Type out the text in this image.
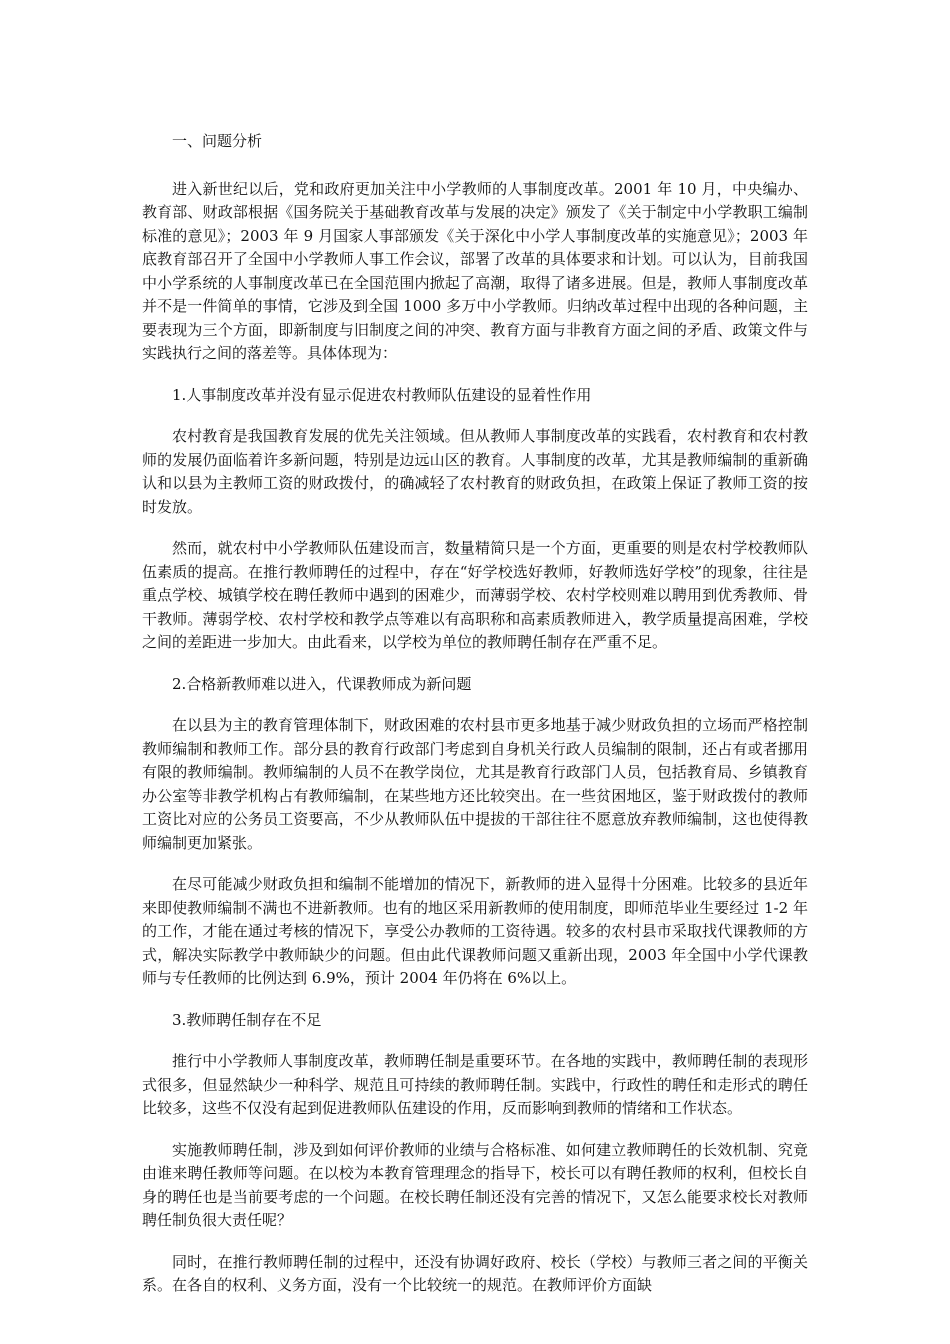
一、问题分析

进入新世纪以后，党和政府更加关注中小学教师的人事制度改革。2001 年 10 月，中央编办、教育部、财政部根据《国务院关于基础教育改革与发展的决定》颁发了《关于制定中小学教职工编制标准的意见》；2003 年 9 月国家人事部颁发《关于深化中小学人事制度改革的实施意见》；2003 年底教育部召开了全国中小学教师人事工作会议，部署了改革的具体要求和计划。可以认为，目前我国中小学系统的人事制度改革已在全国范围内掀起了高潮，取得了诸多进展。但是，教师人事制度改革并不是一件简单的事情，它涉及到全国 1000 多万中小学教师。归纳改革过程中出现的各种问题，主要表现为三个方面，即新制度与旧制度之间的冲突、教育方面与非教育方面之间的矛盾、政策文件与实践执行之间的落差等。具体体现为：

1.人事制度改革并没有显示促进农村教师队伍建设的显着性作用

农村教育是我国教育发展的优先关注领域。但从教师人事制度改革的实践看，农村教育和农村教师的发展仍面临着许多新问题，特别是边远山区的教育。人事制度的改革，尤其是教师编制的重新确认和以县为主教师工资的财政拨付，的确减轻了农村教育的财政负担，在政策上保证了教师工资的按时发放。

然而，就农村中小学教师队伍建设而言，数量精简只是一个方面，更重要的则是农村学校教师队伍素质的提高。在推行教师聘任的过程中，存在“好学校选好教师，好教师选好学校”的现象，往往是重点学校、城镇学校在聘任教师中遇到的困难少，而薄弱学校、农村学校则难以聘用到优秀教师、骨干教师。薄弱学校、农村学校和教学点等难以有高职称和高素质教师进入，教学质量提高困难，学校之间的差距进一步加大。由此看来，以学校为单位的教师聘任制存在严重不足。

2.合格新教师难以进入，代课教师成为新问题

在以县为主的教育管理体制下，财政困难的农村县市更多地基于减少财政负担的立场而严格控制教师编制和教师工作。部分县的教育行政部门考虑到自身机关行政人员编制的限制，还占有或者挪用有限的教师编制。教师编制的人员不在教学岗位，尤其是教育行政部门人员，包括教育局、乡镇教育办公室等非教学机构占有教师编制，在某些地方还比较突出。在一些贫困地区，鉴于财政拨付的教师工资比对应的公务员工资要高，不少从教师队伍中提拔的干部往往不愿意放弃教师编制，这也使得教师编制更加紧张。

在尽可能减少财政负担和编制不能增加的情况下，新教师的进入显得十分困难。比较多的县近年来即使教师编制不满也不进新教师。也有的地区采用新教师的使用制度，即师范毕业生要经过 1-2 年的工作，才能在通过考核的情况下，享受公办教师的工资待遇。较多的农村县市采取找代课教师的方式，解决实际教学中教师缺少的问题。但由此代课教师问题又重新出现，2003 年全国中小学代课教师与专任教师的比例达到 6.9%，预计 2004 年仍将在 6%以上。

3.教师聘任制存在不足

推行中小学教师人事制度改革，教师聘任制是重要环节。在各地的实践中，教师聘任制的表现形式很多，但显然缺少一种科学、规范且可持续的教师聘任制。实践中，行政性的聘任和走形式的聘任比较多，这些不仅没有起到促进教师队伍建设的作用，反而影响到教师的情绪和工作状态。

实施教师聘任制，涉及到如何评价教师的业绩与合格标准、如何建立教师聘任的长效机制、究竟由谁来聘任教师等问题。在以校为本教育管理理念的指导下，校长可以有聘任教师的权利，但校长自身的聘任也是当前要考虑的一个问题。在校长聘任制还没有完善的情况下，又怎么能要求校长对教师聘任制负很大责任呢？

同时，在推行教师聘任制的过程中，还没有协调好政府、校长（学校）与教师三者之间的平衡关系。在各自的权利、义务方面，没有一个比较统一的规范。在教师评价方面缺
